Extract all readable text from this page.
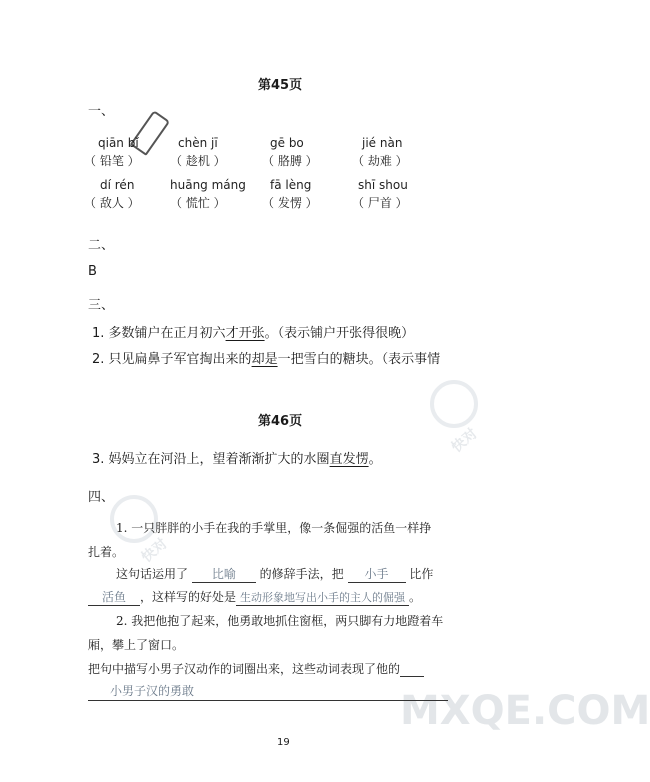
快对
快对
MXQE.COM
第45页
一、
qiān bǐ
（ 铅笔 ）
chèn jī
（ 趁机 ）
gē bo
（ 胳膊 ）
jié nàn
（ 劫难 ）
dí rén
（ 敌人 ）
huāng máng
（ 慌忙 ）
fā lèng
（ 发愣 ）
shī shou
（ 尸首 ）
二、
B
三、
1. 多数铺户在正月初六才开张。（表示铺户开张得很晚）
2. 只见扁鼻子军官掏出来的却是一把雪白的糖块。（表示事情
第46页
3. 妈妈立在河沿上，望着渐渐扩大的水圈直发愣。
四、
1. 一只胖胖的小手在我的手掌里，像一条倔强的活鱼一样挣
扎着。
这句话运用了 比喻 的修辞手法，把 小手 比作
活鱼 ，这样写的好处是 生动形象地写出小手的主人的倔强 。
2. 我把他抱了起来，他勇敢地抓住窗框，两只脚有力地蹬着车
厢，攀上了窗口。
把句中描写小男子汉动作的词圈出来，这些动词表现了他的
小男子汉的勇敢
19
